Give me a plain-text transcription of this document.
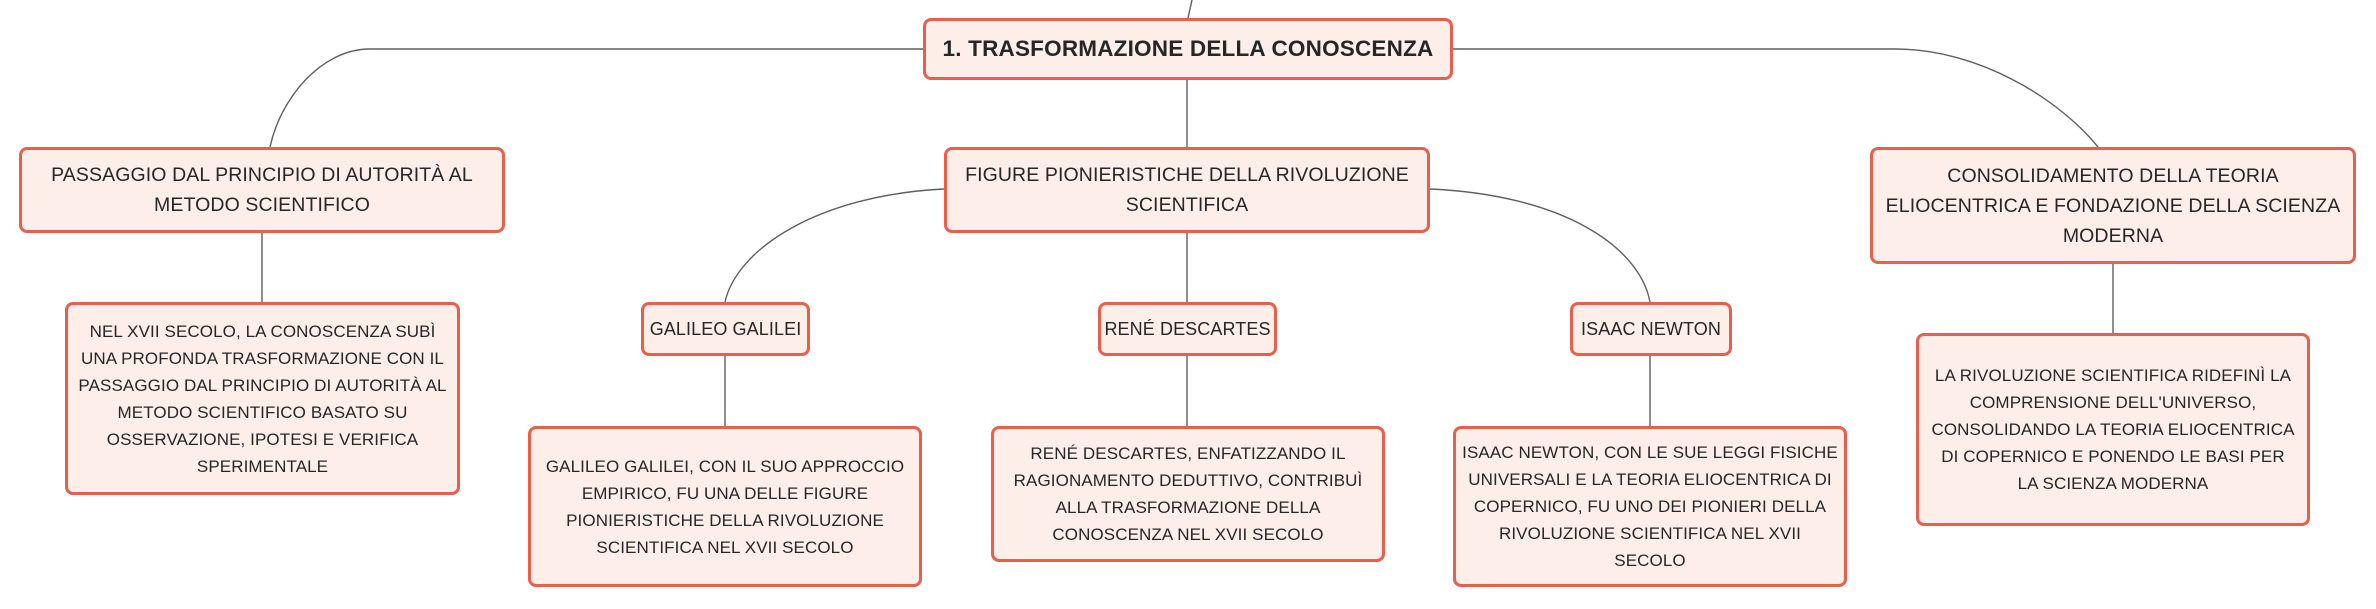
1. TRASFORMAZIONE DELLA CONOSCENZA
PASSAGGIO DAL PRINCIPIO DI AUTORITÀ AL METODO SCIENTIFICO
FIGURE PIONIERISTICHE DELLA RIVOLUZIONE SCIENTIFICA
CONSOLIDAMENTO DELLA TEORIA ELIOCENTRICA E FONDAZIONE DELLA SCIENZA MODERNA
GALILEO GALILEI	RENÉ DESCARTES	ISAAC NEWTON
NEL XVII SECOLO, LA CONOSCENZA SUBÌ UNA PROFONDA TRASFORMAZIONE CON IL PASSAGGIO DAL PRINCIPIO DI AUTORITÀ AL METODO SCIENTIFICO BASATO SU OSSERVAZIONE, IPOTESI E VERIFICA SPERIMENTALE	GALILEO GALILEI, CON IL SUO APPROCCIO EMPIRICO, FU UNA DELLE FIGURE PIONIERISTICHE DELLA RIVOLUZIONE SCIENTIFICA NEL XVII SECOLO
RENÉ DESCARTES, ENFATIZZANDO IL RAGIONAMENTO DEDUTTIVO, CONTRIBUÌ ALLA TRASFORMAZIONE DELLA CONOSCENZA NEL XVII SECOLO
ISAAC NEWTON, CON LE SUE LEGGI FISICHE UNIVERSALI E LA TEORIA ELIOCENTRICA DI COPERNICO, FU UNO DEI PIONIERI DELLA RIVOLUZIONE SCIENTIFICA NEL XVII SECOLO
LA RIVOLUZIONE SCIENTIFICA RIDEFINÌ LA COMPRENSIONE DELL'UNIVERSO, CONSOLIDANDO LA TEORIA ELIOCENTRICA DI COPERNICO E PONENDO LE BASI PER LA SCIENZA MODERNA
